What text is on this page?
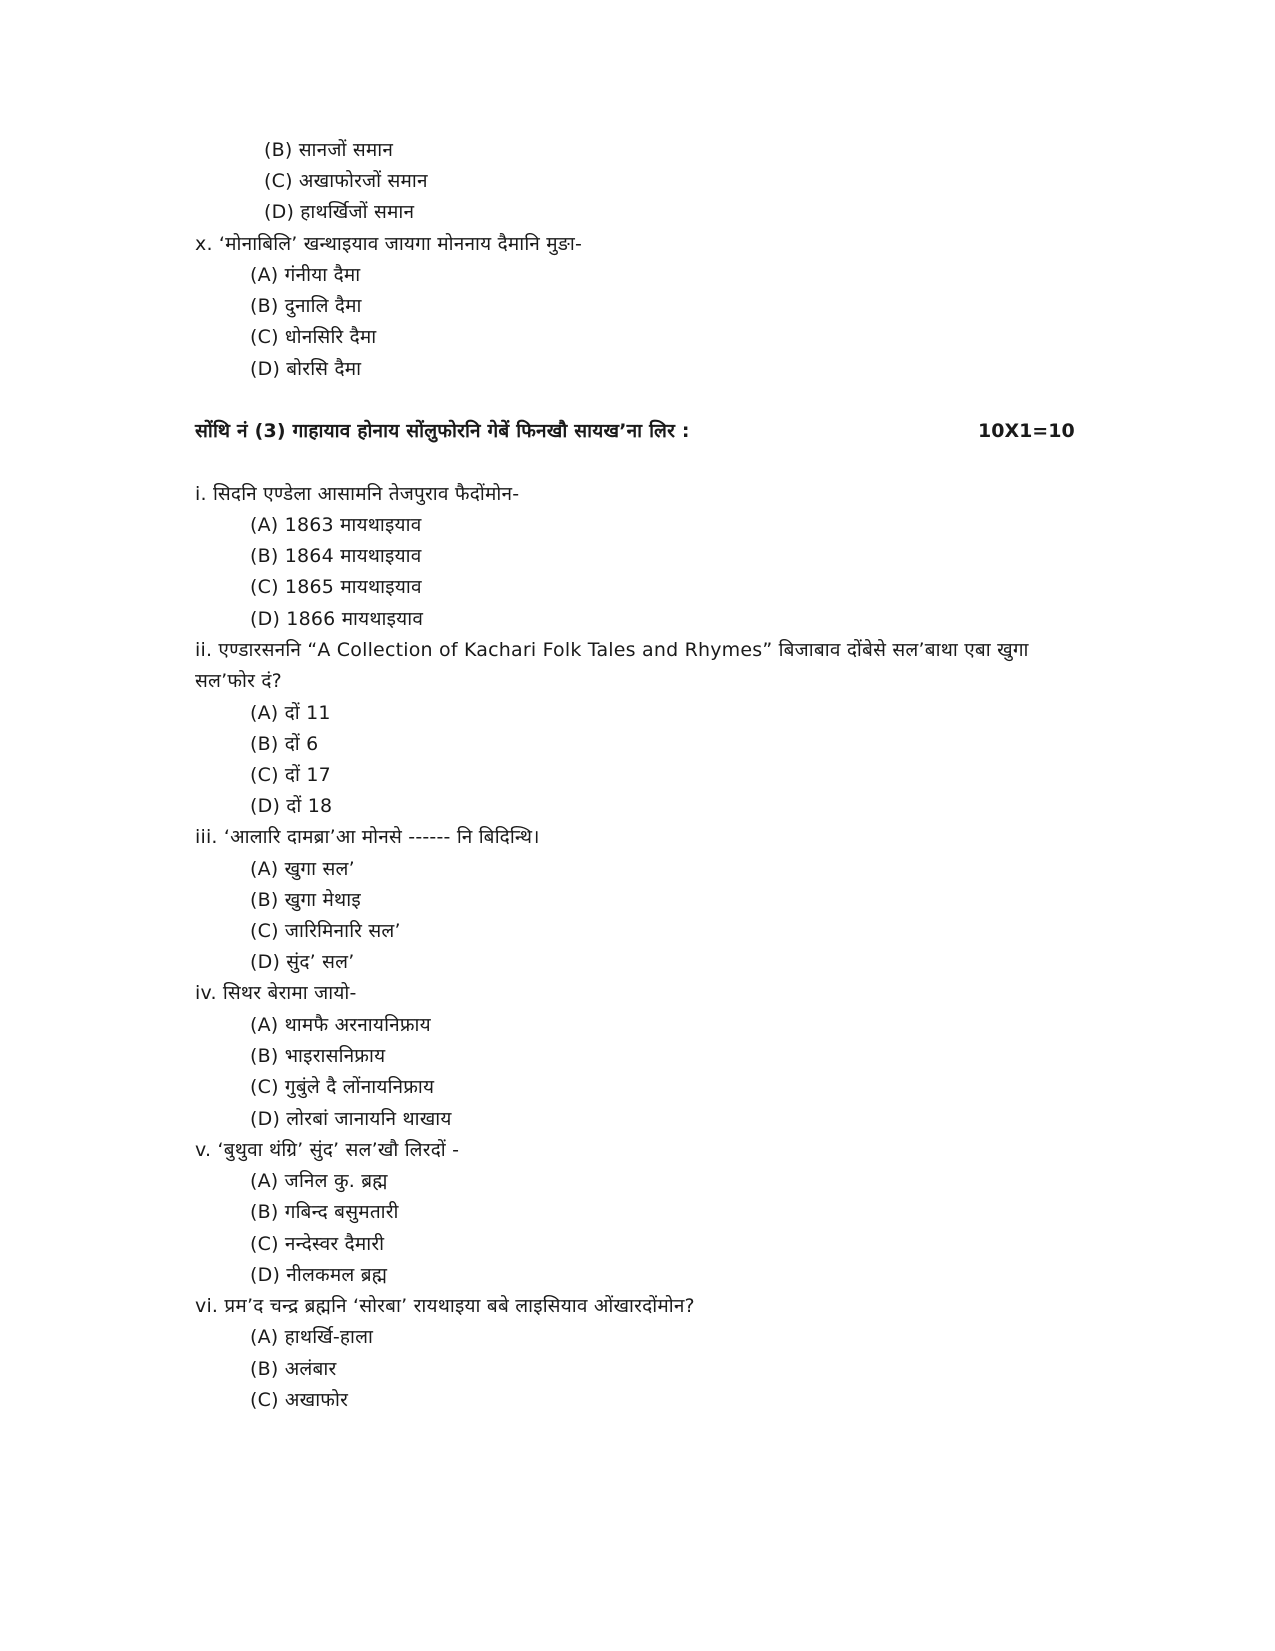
(B) सानजों समान
(C) अखाफोरजों समान
(D) हाथर्खिजों समान
x. ‘मोनाबिलि’ खन्थाइयाव जायगा मोननाय दैमानि मुङा-
(A) गंनीया दैमा
(B) दुनालि दैमा
(C) धोनसिरि दैमा
(D) बोरसि दैमा
सोंथि नं (3) गाहायाव होनाय सोंलुफोरनि गेबें फिनखौ सायख’ना लिर :	10X1=10
i. सिदनि एण्डेला आसामनि तेजपुराव फैदोंमोन-
(A) 1863 मायथाइयाव
(B) 1864 मायथाइयाव
(C) 1865 मायथाइयाव
(D) 1866 मायथाइयाव
ii. एण्डारसननि “A Collection of Kachari Folk Tales and Rhymes” बिजाबाव दोंबेसे सल’बाथा एबा खुगा
सल’फोर दं?
(A) दों 11
(B) दों 6
(C) दों 17
(D) दों 18
iii. ‘आलारि दामब्रा’आ मोनसे ------ नि बिदिन्थि।
(A) खुगा सल’
(B) खुगा मेथाइ
(C) जारिमिनारि सल’
(D) सुंद’ सल’
iv. सिथर बेरामा जायो-
(A) थामफै अरनायनिफ्राय
(B) भाइरासनिफ्राय
(C) गुबुंले दै लोंनायनिफ्राय
(D) लोरबां जानायनि थाखाय
v. ‘बुथुवा थंग्रि’ सुंद’ सल’खौ लिरदों -
(A) जनिल कु. ब्रह्म
(B) गबिन्द बसुमतारी
(C) नन्देस्वर दैमारी
(D) नीलकमल ब्रह्म
vi. प्रम’द चन्द्र ब्रह्मनि ‘सोरबा’ रायथाइया बबे लाइसियाव ओंखारदोंमोन?
(A) हाथर्खि-हाला
(B) अलंबार
(C) अखाफोर
